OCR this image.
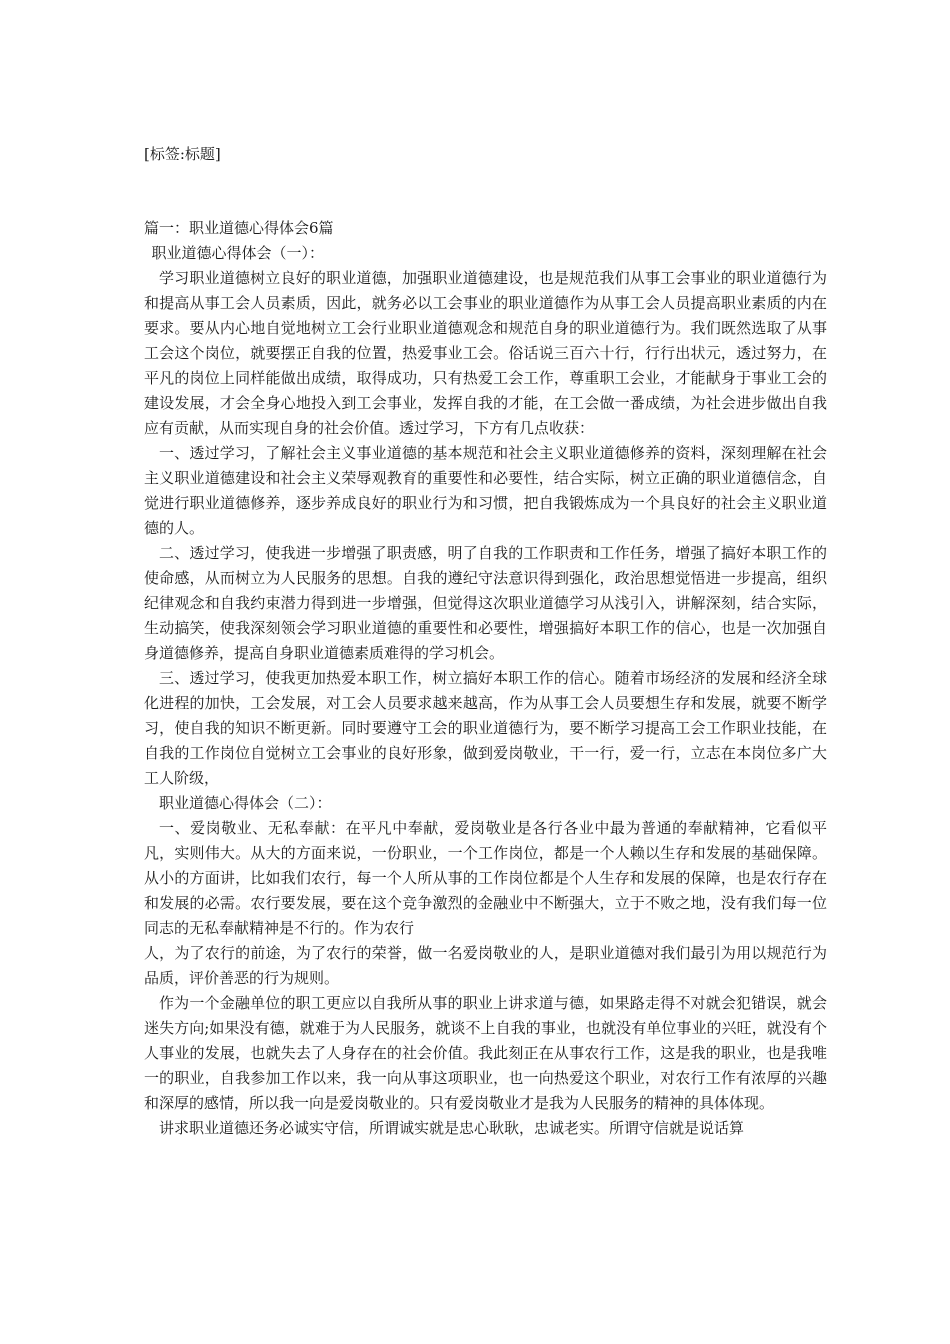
[标签:标题]

篇一：职业道德心得体会6篇

职业道德心得体会（一）：

学习职业道德树立良好的职业道德，加强职业道德建设，也是规范我们从事工会事业的职业道德行为和提高从事工会人员素质，因此，就务必以工会事业的职业道德作为从事工会人员提高职业素质的内在要求。要从内心地自觉地树立工会行业职业道德观念和规范自身的职业道德行为。我们既然选取了从事工会这个岗位，就要摆正自我的位置，热爱事业工会。俗话说三百六十行，行行出状元，透过努力，在平凡的岗位上同样能做出成绩，取得成功，只有热爱工会工作，尊重职工会业，才能献身于事业工会的建设发展，才会全身心地投入到工会事业，发挥自我的才能，在工会做一番成绩，为社会进步做出自我应有贡献，从而实现自身的社会价值。透过学习，下方有几点收获：

一、透过学习，了解社会主义事业道德的基本规范和社会主义职业道德修养的资料，深刻理解在社会主义职业道德建设和社会主义荣辱观教育的重要性和必要性，结合实际，树立正确的职业道德信念，自觉进行职业道德修养，逐步养成良好的职业行为和习惯，把自我锻炼成为一个具良好的社会主义职业道德的人。

二、透过学习，使我进一步增强了职责感，明了自我的工作职责和工作任务，增强了搞好本职工作的使命感，从而树立为人民服务的思想。自我的遵纪守法意识得到强化，政治思想觉悟进一步提高，组织纪律观念和自我约束潜力得到进一步增强，但觉得这次职业道德学习从浅引入，讲解深刻，结合实际，生动搞笑，使我深刻领会学习职业道德的重要性和必要性，增强搞好本职工作的信心，也是一次加强自身道德修养，提高自身职业道德素质难得的学习机会。

三、透过学习，使我更加热爱本职工作，树立搞好本职工作的信心。随着市场经济的发展和经济全球化进程的加快，工会发展，对工会人员要求越来越高，作为从事工会人员要想生存和发展，就要不断学习，使自我的知识不断更新。同时要遵守工会的职业道德行为，要不断学习提高工会工作职业技能，在自我的工作岗位自觉树立工会事业的良好形象，做到爱岗敬业，干一行，爱一行，立志在本岗位多广大工人阶级，

职业道德心得体会（二）：

一、爱岗敬业、无私奉献：在平凡中奉献，爱岗敬业是各行各业中最为普通的奉献精神，它看似平凡，实则伟大。从大的方面来说，一份职业，一个工作岗位，都是一个人赖以生存和发展的基础保障。从小的方面讲，比如我们农行，每一个人所从事的工作岗位都是个人生存和发展的保障，也是农行存在和发展的必需。农行要发展，要在这个竞争激烈的金融业中不断强大，立于不败之地，没有我们每一位同志的无私奉献精神是不行的。作为农行

人，为了农行的前途，为了农行的荣誉，做一名爱岗敬业的人，是职业道德对我们最引为用以规范行为品质，评价善恶的行为规则。

作为一个金融单位的职工更应以自我所从事的职业上讲求道与德，如果路走得不对就会犯错误，就会迷失方向;如果没有德，就难于为人民服务，就谈不上自我的事业，也就没有单位事业的兴旺，就没有个人事业的发展，也就失去了人身存在的社会价值。我此刻正在从事农行工作，这是我的职业，也是我唯一的职业，自我参加工作以来，我一向从事这项职业，也一向热爱这个职业，对农行工作有浓厚的兴趣和深厚的感情，所以我一向是爱岗敬业的。只有爱岗敬业才是我为人民服务的精神的具体体现。

讲求职业道德还务必诚实守信，所谓诚实就是忠心耿耿，忠诚老实。所谓守信就是说话算
